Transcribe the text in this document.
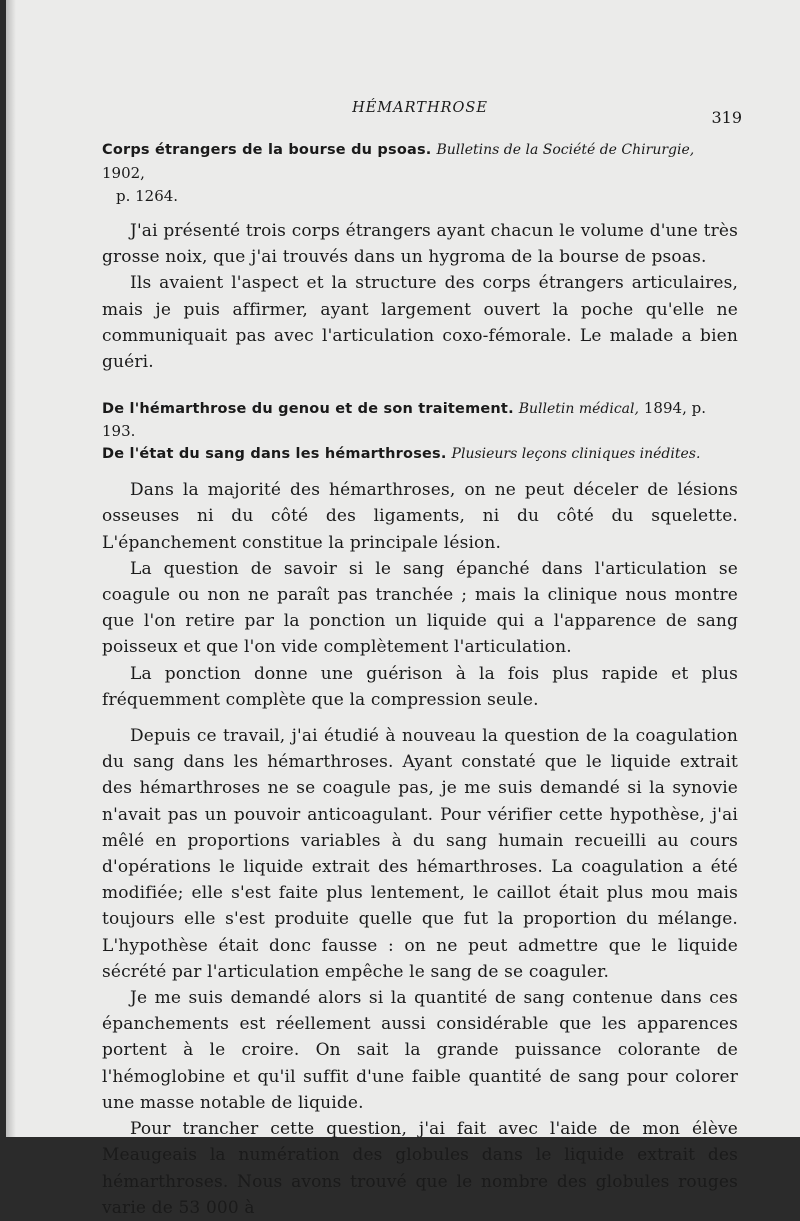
HÉMARTHROSE	319
Corps étrangers de la bourse du psoas. Bulletins de la Société de Chirurgie, 1902,
p. 1264.

J'ai présenté trois corps étrangers ayant chacun le volume d'une très grosse noix, que j'ai trouvés dans un hygroma de la bourse de psoas.

Ils avaient l'aspect et la structure des corps étrangers articulaires, mais je puis affirmer, ayant largement ouvert la poche qu'elle ne communiquait pas avec l'articulation coxo-fémorale. Le malade a bien guéri.

De l'hémarthrose du genou et de son traitement. Bulletin médical, 1894, p. 193.
De l'état du sang dans les hémarthroses. Plusieurs leçons cliniques inédites.

Dans la majorité des hémarthroses, on ne peut déceler de lésions osseuses ni du côté des ligaments, ni du côté du squelette. L'épanchement constitue la principale lésion.

La question de savoir si le sang épanché dans l'articulation se coagule ou non ne paraît pas tranchée ; mais la clinique nous montre que l'on retire par la ponction un liquide qui a l'apparence de sang poisseux et que l'on vide complètement l'articulation.

La ponction donne une guérison à la fois plus rapide et plus fréquemment complète que la compression seule.

Depuis ce travail, j'ai étudié à nouveau la question de la coagulation du sang dans les hémarthroses. Ayant constaté que le liquide extrait des hémarthroses ne se coagule pas, je me suis demandé si la synovie n'avait pas un pouvoir anticoagulant. Pour vérifier cette hypothèse, j'ai mêlé en proportions variables à du sang humain recueilli au cours d'opérations le liquide extrait des hémarthroses. La coagulation a été modifiée; elle s'est faite plus lentement, le caillot était plus mou mais toujours elle s'est produite quelle que fut la proportion du mélange. L'hypothèse était donc fausse : on ne peut admettre que le liquide sécrété par l'articulation empêche le sang de se coaguler.

Je me suis demandé alors si la quantité de sang contenue dans ces épanchements est réellement aussi considérable que les apparences portent à le croire. On sait la grande puissance colorante de l'hémoglobine et qu'il suffit d'une faible quantité de sang pour colorer une masse notable de liquide.

Pour trancher cette question, j'ai fait avec l'aide de mon élève Meaugeais la numération des globules dans le liquide extrait des hémarthroses. Nous avons trouvé que le nombre des globules rouges varie de 53 000 à
